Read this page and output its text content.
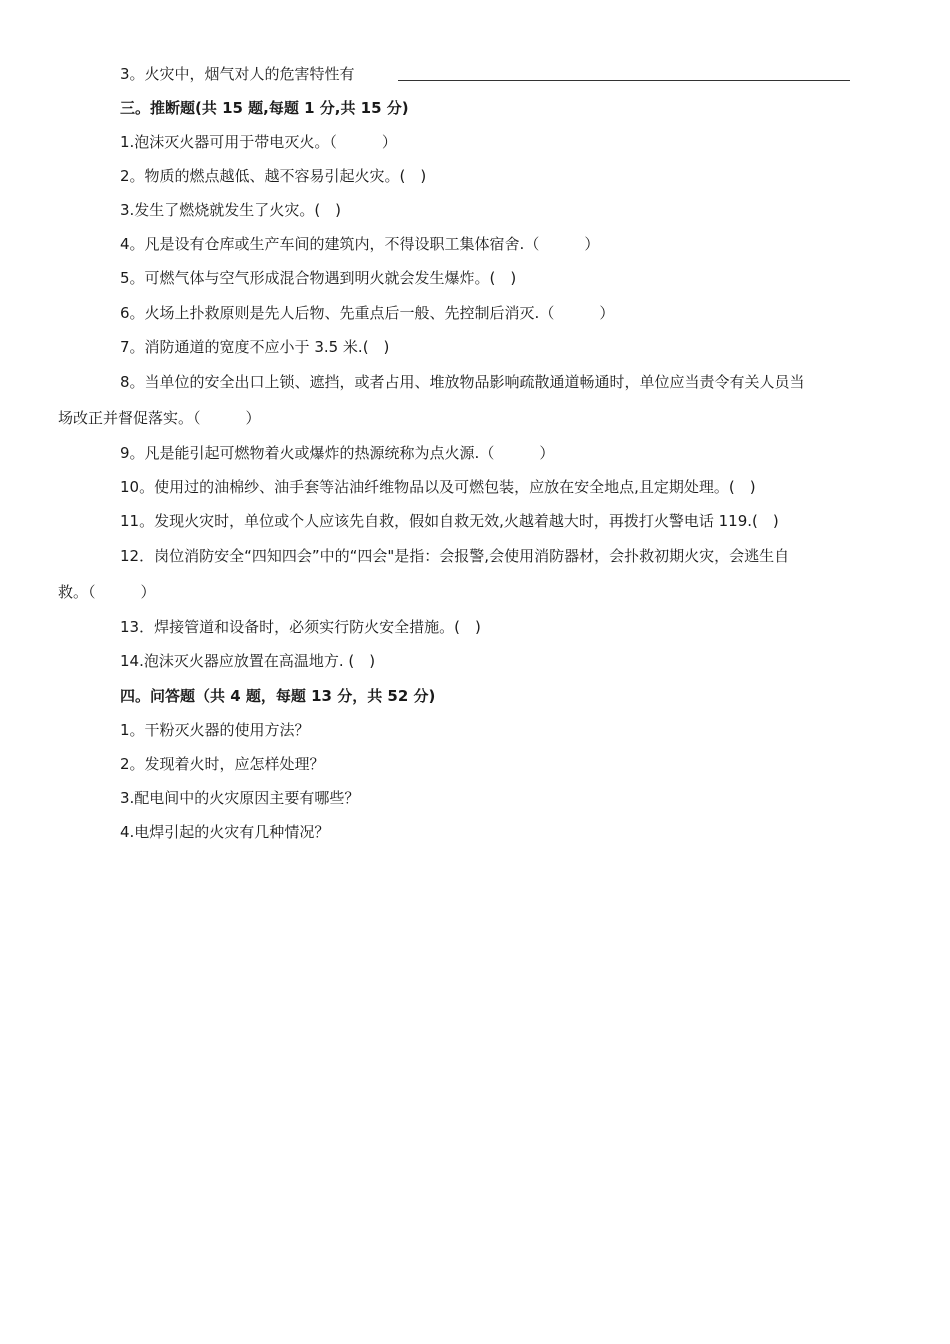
3。火灾中，烟气对人的危害特性有
三。推断题(共 15 题,每题 1 分,共 15 分)
1.泡沫灭火器可用于带电灭火。（　　　）
2。物质的燃点越低、越不容易引起火灾。(　)
3.发生了燃烧就发生了火灾。(　)
4。凡是设有仓库或生产车间的建筑内，不得设职工集体宿舍.（　　　）
5。可燃气体与空气形成混合物遇到明火就会发生爆炸。(　)
6。火场上扑救原则是先人后物、先重点后一般、先控制后消灭.（　　　）
7。消防通道的宽度不应小于 3.5 米.(　)
8。当单位的安全出口上锁、遮挡，或者占用、堆放物品影响疏散通道畅通时，单位应当责令有关人员当
场改正并督促落实。（　　　）
9。凡是能引起可燃物着火或爆炸的热源统称为点火源.（　　　）
10。使用过的油棉纱、油手套等沾油纤维物品以及可燃包装，应放在安全地点,且定期处理。(　)
11。发现火灾时，单位或个人应该先自救，假如自救无效,火越着越大时，再拨打火警电话 119.(　)
12．岗位消防安全“四知四会”中的“四会"是指：会报警,会使用消防器材，会扑救初期火灾，会逃生自
救。（　　　）
13．焊接管道和设备时，必须实行防火安全措施。(　)
14.泡沫灭火器应放置在高温地方. (　)
四。问答题（共 4 题，每题 13 分，共 52 分)
1。干粉灭火器的使用方法？
2。发现着火时，应怎样处理？
3.配电间中的火灾原因主要有哪些？
4.电焊引起的火灾有几种情况？
